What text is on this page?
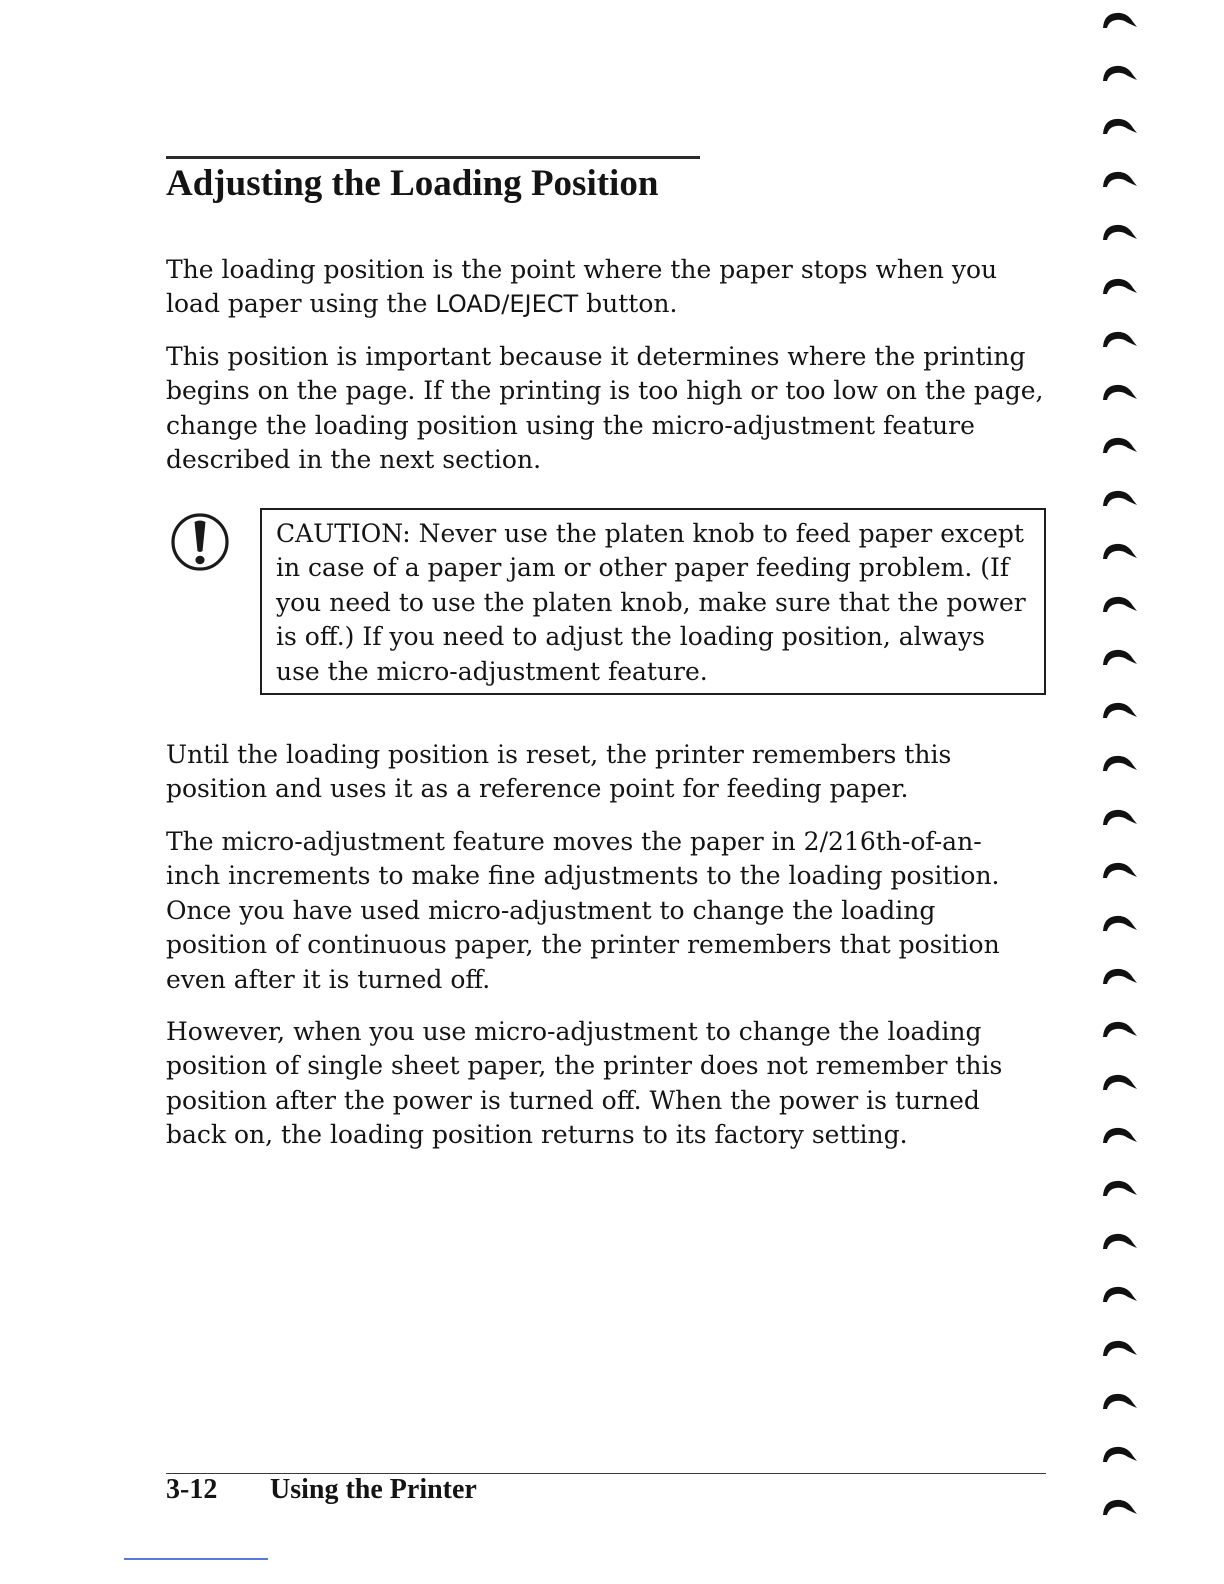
Adjusting the Loading Position

The loading position is the point where the paper stops when you load paper using the LOAD/EJECT button.

This position is important because it determines where the printing begins on the page. If the printing is too high or too low on the page, change the loading position using the micro-adjustment feature described in the next section.

CAUTION: Never use the platen knob to feed paper except in case of a paper jam or other paper feeding problem. (If you need to use the platen knob, make sure that the power is off.) If you need to adjust the loading position, always use the micro-adjustment feature.

Until the loading position is reset, the printer remembers this position and uses it as a reference point for feeding paper.

The micro-adjustment feature moves the paper in 2/216th-of-an-inch increments to make fine adjustments to the loading position. Once you have used micro-adjustment to change the loading position of continuous paper, the printer remembers that position even after it is turned off.

However, when you use micro-adjustment to change the loading position of single sheet paper, the printer does not remember this position after the power is turned off. When the power is turned back on, the loading position returns to its factory setting.

3-12 Using the Printer
